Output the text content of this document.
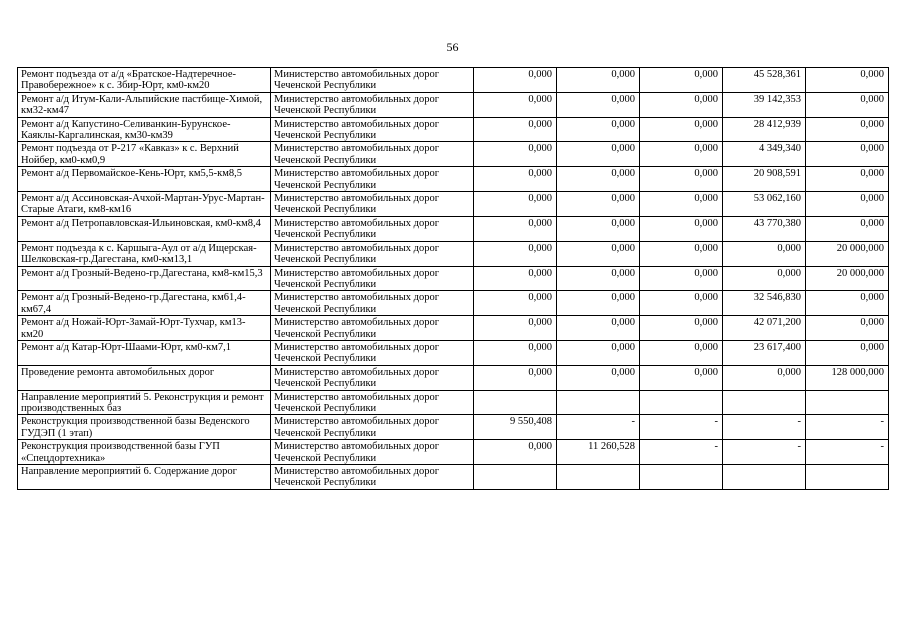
56
Ремонт подъезда от а/д «Братское-Надтеречное-Правобережное» к с. Збир-Юрт, км0-км20	Министерство автомобильных дорог Чеченской Республики	0,000	0,000	0,000	45 528,361	0,000
Ремонт а/д Итум-Кали-Альпийские пастбище-Химой, км32-км47	Министерство автомобильных дорог Чеченской Республики	0,000	0,000	0,000	39 142,353	0,000
Ремонт а/д Капустино-Селиванкин-Бурунское-Каяклы-Каргалинская, км30-км39	Министерство автомобильных дорог Чеченской Республики	0,000	0,000	0,000	28 412,939	0,000
Ремонт подъезда от Р-217 «Кавказ» к с. Верхний Нойбер, км0-км0,9	Министерство автомобильных дорог Чеченской Республики	0,000	0,000	0,000	4 349,340	0,000
Ремонт а/д Первомайское-Кень-Юрт, км5,5-км8,5	Министерство автомобильных дорог Чеченской Республики	0,000	0,000	0,000	20 908,591	0,000
Ремонт а/д Ассиновская-Ачхой-Мартан-Урус-Мартан-Старые Атаги, км8-км16	Министерство автомобильных дорог Чеченской Республики	0,000	0,000	0,000	53 062,160	0,000
Ремонт а/д Петропавловская-Ильиновская, км0-км8,4	Министерство автомобильных дорог Чеченской Республики	0,000	0,000	0,000	43 770,380	0,000
Ремонт подъезда к с. Каршыга-Аул от а/д Ищерская-Шелковская-гр.Дагестана, км0-км13,1	Министерство автомобильных дорог Чеченской Республики	0,000	0,000	0,000	0,000	20 000,000
Ремонт а/д Грозный-Ведено-гр.Дагестана, км8-км15,3	Министерство автомобильных дорог Чеченской Республики	0,000	0,000	0,000	0,000	20 000,000
Ремонт а/д Грозный-Ведено-гр.Дагестана, км61,4-км67,4	Министерство автомобильных дорог Чеченской Республики	0,000	0,000	0,000	32 546,830	0,000
Ремонт а/д Ножай-Юрт-Замай-Юрт-Тухчар, км13-км20	Министерство автомобильных дорог Чеченской Республики	0,000	0,000	0,000	42 071,200	0,000
Ремонт а/д Катар-Юрт-Шаами-Юрт, км0-км7,1	Министерство автомобильных дорог Чеченской Республики	0,000	0,000	0,000	23 617,400	0,000
Проведение ремонта автомобильных дорог	Министерство автомобильных дорог Чеченской Республики	0,000	0,000	0,000	0,000	128 000,000
Направление мероприятий 5. Реконструкция и ремонт производственных баз	Министерство автомобильных дорог Чеченской Республики					
Реконструкция производственной базы Веденского ГУДЭП (1 этап)	Министерство автомобильных дорог Чеченской Республики	9 550,408	-	-	-	-
Реконструкция производственной базы ГУП «Спецдортехника»	Министерство автомобильных дорог Чеченской Республики	0,000	11 260,528	-	-	-
Направление мероприятий 6. Содержание дорог	Министерство автомобильных дорог Чеченской Республики					
